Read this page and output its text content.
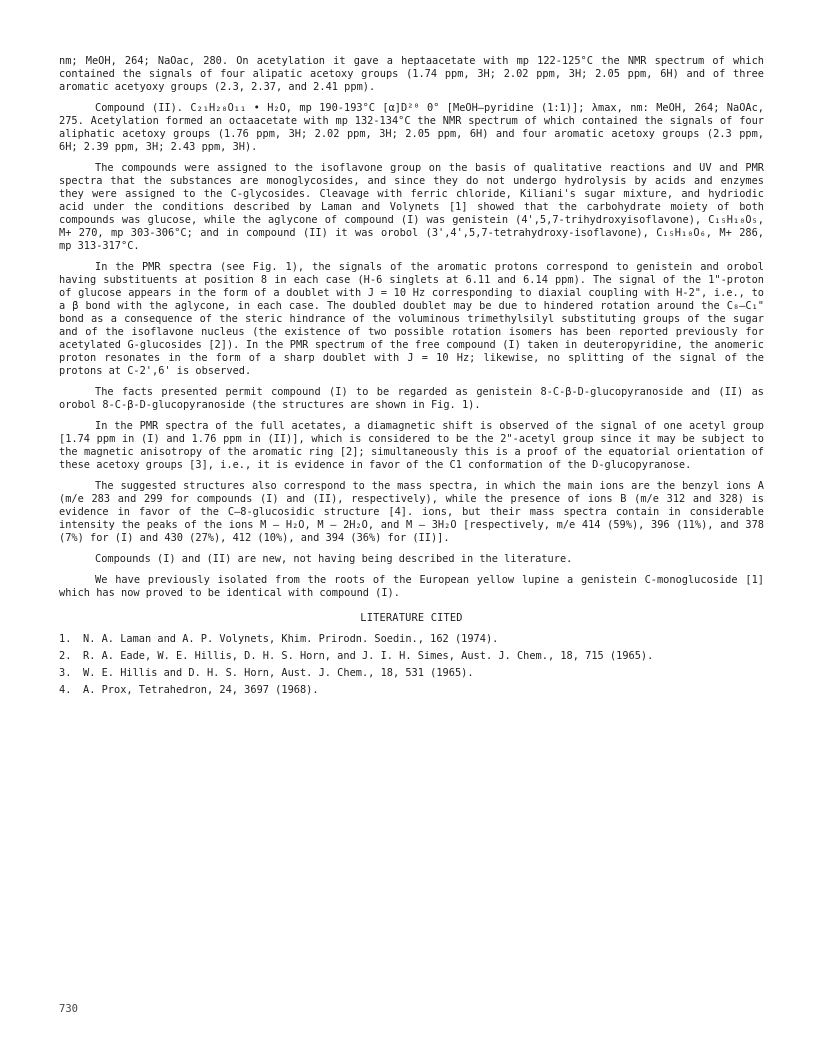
nm; MeOH, 264; NaOac, 280. On acetylation it gave a heptaacetate with mp 122-125°C the NMR spectrum of which contained the signals of four alipatic acetoxy groups (1.74 ppm, 3H; 2.02 ppm, 3H; 2.05 ppm, 6H) and of three aromatic acetyoxy groups (2.3, 2.37, and 2.41 ppm).

Compound (II). C₂₁H₂₀O₁₁ • H₂O, mp 190-193°C [α]D²⁰ 0° [MeOH—pyridine (1:1)]; λmax, nm: MeOH, 264; NaOAc, 275. Acetylation formed an octaacetate with mp 132-134°C the NMR spectrum of which contained the signals of four aliphatic acetoxy groups (1.76 ppm, 3H; 2.02 ppm, 3H; 2.05 ppm, 6H) and four aromatic acetoxy groups (2.3 ppm, 6H; 2.39 ppm, 3H; 2.43 ppm, 3H).

The compounds were assigned to the isoflavone group on the basis of qualitative reactions and UV and PMR spectra that the substances are monoglycosides, and since they do not undergo hydrolysis by acids and enzymes they were assigned to the C-glycosides. Cleavage with ferric chloride, Kiliani's sugar mixture, and hydriodic acid under the conditions described by Laman and Volynets [1] showed that the carbohydrate moiety of both compounds was glucose, while the aglycone of compound (I) was genistein (4',5,7-trihydroxyisoflavone), C₁₅H₁₀O₅, M+ 270, mp 303-306°C; and in compound (II) it was orobol (3',4',5,7-tetrahydroxy-isoflavone), C₁₅H₁₀O₆, M+ 286, mp 313-317°C.

In the PMR spectra (see Fig. 1), the signals of the aromatic protons correspond to genistein and orobol having substituents at position 8 in each case (H-6 singlets at 6.11 and 6.14 ppm). The signal of the 1"-proton of glucose appears in the form of a doublet with J = 10 Hz corresponding to diaxial coupling with H-2", i.e., to a β bond with the aglycone, in each case. The doubled doublet may be due to hindered rotation around the C₈—C₁" bond as a consequence of the steric hindrance of the voluminous trimethylsilyl substituting groups of the sugar and of the isoflavone nucleus (the existence of two possible rotation isomers has been reported previously for acetylated G-glucosides [2]). In the PMR spectrum of the free compound (I) taken in deuteropyridine, the anomeric proton resonates in the form of a sharp doublet with J = 10 Hz; likewise, no splitting of the signal of the protons at C-2',6' is observed.

The facts presented permit compound (I) to be regarded as genistein 8-C-β-D-glucopyranoside and (II) as orobol 8-C-β-D-glucopyranoside (the structures are shown in Fig. 1).

In the PMR spectra of the full acetates, a diamagnetic shift is observed of the signal of one acetyl group [1.74 ppm in (I) and 1.76 ppm in (II)], which is considered to be the 2"-acetyl group since it may be subject to the magnetic anisotropy of the aromatic ring [2]; simultaneously this is a proof of the equatorial orientation of these acetoxy groups [3], i.e., it is evidence in favor of the C1 conformation of the D-glucopyranose.

The suggested structures also correspond to the mass spectra, in which the main ions are the benzyl ions A (m/e 283 and 299 for compounds (I) and (II), respectively), while the presence of ions B (m/e 312 and 328) is evidence in favor of the C—8-glucosidic structure [4]. ions, but their mass spectra contain in considerable intensity the peaks of the ions M — H₂O, M — 2H₂O, and M — 3H₂O [respectively, m/e 414 (59%), 396 (11%), and 378 (7%) for (I) and 430 (27%), 412 (10%), and 394 (36%) for (II)].

Compounds (I) and (II) are new, not having being described in the literature.

We have previously isolated from the roots of the European yellow lupine a genistein C-monoglucoside [1] which has now proved to be identical with compound (I).

LITERATURE CITED
1.	N. A. Laman and A. P. Volynets, Khim. Prirodn. Soedin., 162 (1974).
2.	R. A. Eade, W. E. Hillis, D. H. S. Horn, and J. I. H. Simes, Aust. J. Chem., 18, 715 (1965).
3.	W. E. Hillis and D. H. S. Horn, Aust. J. Chem., 18, 531 (1965).
4.	A. Prox, Tetrahedron, 24, 3697 (1968).
730
